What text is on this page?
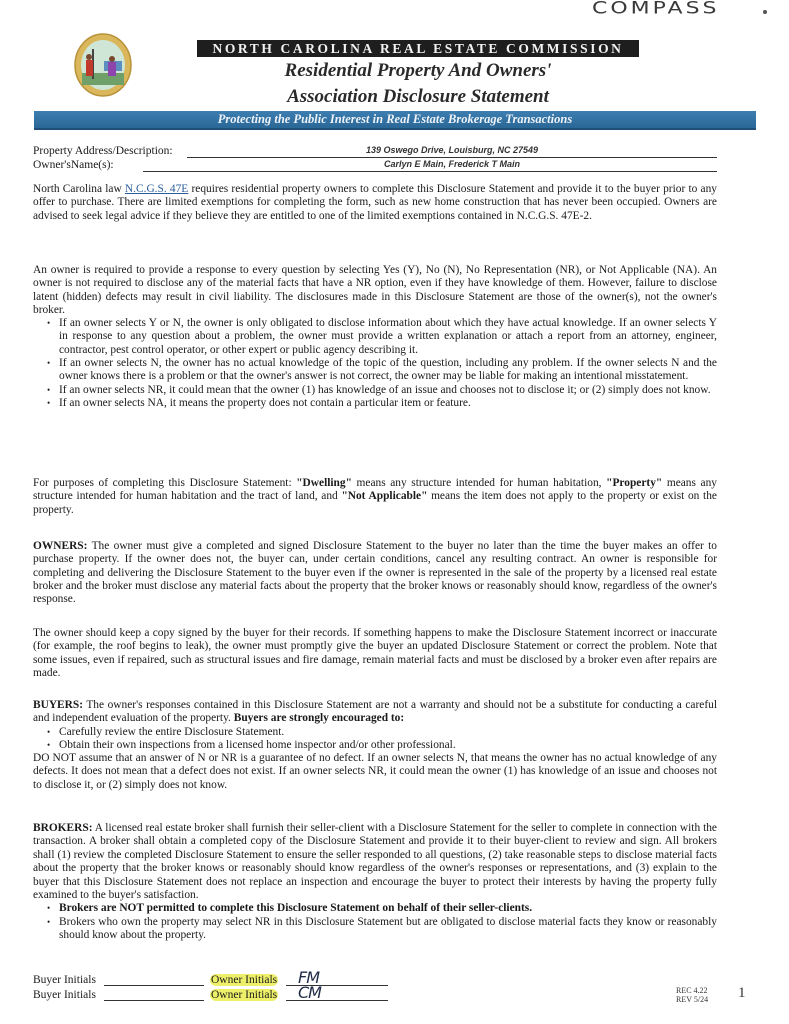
COMPASS
NORTH CAROLINA REAL ESTATE COMMISSION
Residential Property And Owners'
Association Disclosure Statement
Protecting the Public Interest in Real Estate Brokerage Transactions
Property Address/Description:	139 Oswego Drive, Louisburg, NC 27549
Owner'sName(s):	Carlyn E Main, Frederick T Main

North Carolina law N.C.G.S. 47E requires residential property owners to complete this Disclosure Statement and provide it to the buyer prior to any offer to purchase. There are limited exemptions for completing the form, such as new home construction that has never been occupied. Owners are advised to seek legal advice if they believe they are entitled to one of the limited exemptions contained in N.C.G.S. 47E-2.

An owner is required to provide a response to every question by selecting Yes (Y), No (N), No Representation (NR), or Not Applicable (NA). An owner is not required to disclose any of the material facts that have a NR option, even if they have knowledge of them. However, failure to disclose latent (hidden) defects may result in civil liability. The disclosures made in this Disclosure Statement are those of the owner(s), not the owner's broker.

• If an owner selects Y or N, the owner is only obligated to disclose information about which they have actual knowledge. If an owner selects Y in response to any question about a problem, the owner must provide a written explanation or attach a report from an attorney, engineer, contractor, pest control operator, or other expert or public agency describing it.
• If an owner selects N, the owner has no actual knowledge of the topic of the question, including any problem. If the owner selects N and the owner knows there is a problem or that the owner's answer is not correct, the owner may be liable for making an intentional misstatement.
• If an owner selects NR, it could mean that the owner (1) has knowledge of an issue and chooses not to disclose it; or (2) simply does not know.
• If an owner selects NA, it means the property does not contain a particular item or feature.

For purposes of completing this Disclosure Statement: "Dwelling" means any structure intended for human habitation, "Property" means any structure intended for human habitation and the tract of land, and "Not Applicable" means the item does not apply to the property or exist on the property.

OWNERS: The owner must give a completed and signed Disclosure Statement to the buyer no later than the time the buyer makes an offer to purchase property. If the owner does not, the buyer can, under certain conditions, cancel any resulting contract. An owner is responsible for completing and delivering the Disclosure Statement to the buyer even if the owner is represented in the sale of the property by a licensed real estate broker and the broker must disclose any material facts about the property that the broker knows or reasonably should know, regardless of the owner's response.

The owner should keep a copy signed by the buyer for their records. If something happens to make the Disclosure Statement incorrect or inaccurate (for example, the roof begins to leak), the owner must promptly give the buyer an updated Disclosure Statement or correct the problem. Note that some issues, even if repaired, such as structural issues and fire damage, remain material facts and must be disclosed by a broker even after repairs are made.

BUYERS: The owner's responses contained in this Disclosure Statement are not a warranty and should not be a substitute for conducting a careful and independent evaluation of the property. Buyers are strongly encouraged to:

• Carefully review the entire Disclosure Statement.
• Obtain their own inspections from a licensed home inspector and/or other professional.

DO NOT assume that an answer of N or NR is a guarantee of no defect. If an owner selects N, that means the owner has no actual knowledge of any defects. It does not mean that a defect does not exist. If an owner selects NR, it could mean the owner (1) has knowledge of an issue and chooses not to disclose it, or (2) simply does not know.

BROKERS: A licensed real estate broker shall furnish their seller-client with a Disclosure Statement for the seller to complete in connection with the transaction. A broker shall obtain a completed copy of the Disclosure Statement and provide it to their buyer-client to review and sign. All brokers shall (1) review the completed Disclosure Statement to ensure the seller responded to all questions, (2) take reasonable steps to disclose material facts about the property that the broker knows or reasonably should know regardless of the owner's responses or representations, and (3) explain to the buyer that this Disclosure Statement does not replace an inspection and encourage the buyer to protect their interests by having the property fully examined to the buyer's satisfaction.

• Brokers are NOT permitted to complete this Disclosure Statement on behalf of their seller-clients.
• Brokers who own the property may select NR in this Disclosure Statement but are obligated to disclose material facts they know or reasonably should know about the property.
Buyer Initials	Owner Initials FM
Buyer Initials	Owner Initials CM	REC 4.22
REV 5/24 1
